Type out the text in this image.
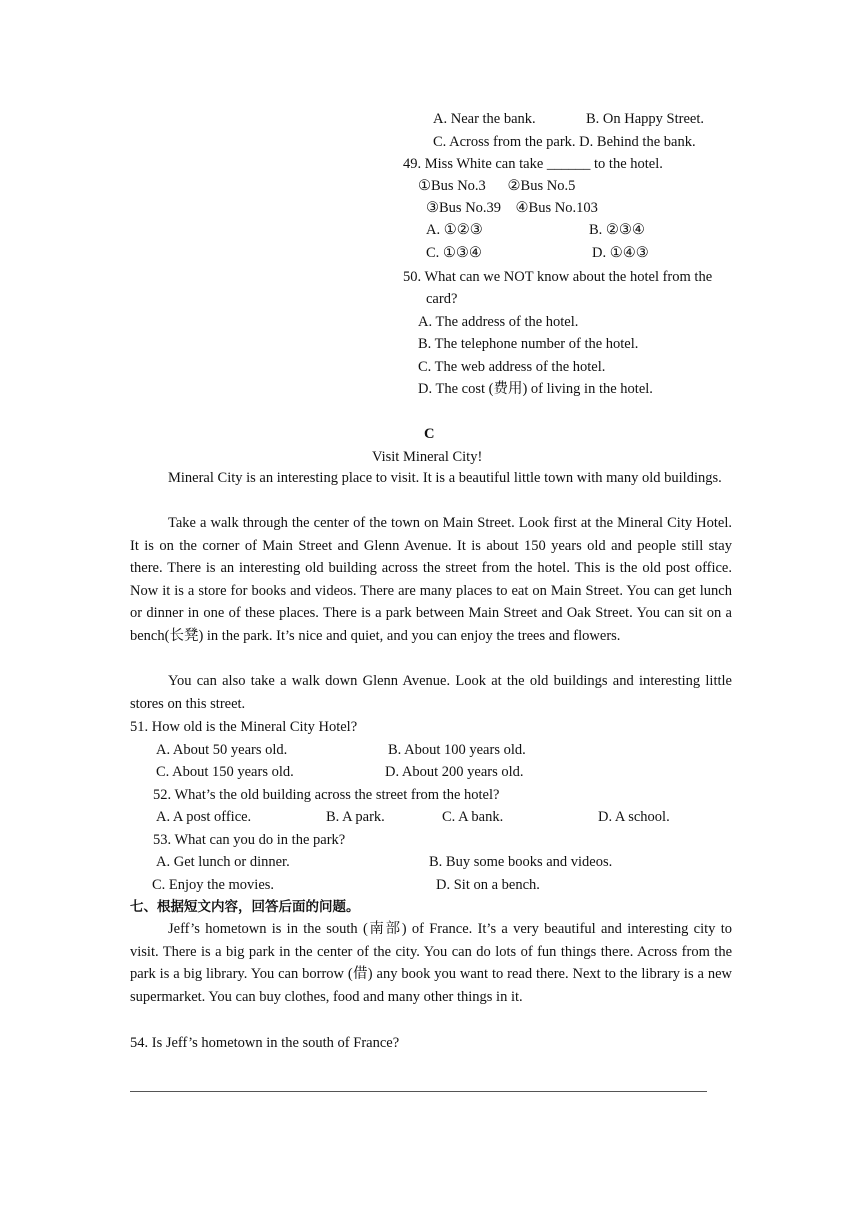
A. Near the bank.	B. On Happy Street.
C. Across from the park. D. Behind the bank.
49. Miss White can take ______ to the hotel.
①Bus No.3      ②Bus No.5
③Bus No.39    ④Bus No.103
A. ①②③	B. ②③④
C. ①③④	D. ①④③
50. What can we NOT know about the hotel from the
card?
A. The address of the hotel.
B. The telephone number of the hotel.
C. The web address of the hotel.
D. The cost (费用) of living in the hotel.
C
Visit Mineral City!
Mineral City is an interesting place to visit. It is a beautiful little town with many old buildings.
Take a walk through the center of the town on Main Street. Look first at the Mineral City Hotel. It is on the corner of Main Street and Glenn Avenue. It is about 150 years old and people still stay there. There is an interesting old building across the street from the hotel. This is the old post office. Now it is a store for books and videos. There are many places to eat on Main Street. You can get lunch or dinner in one of these places. There is a park between Main Street and Oak Street. You can sit on a bench(长凳) in the park. It’s nice and quiet, and you can enjoy the trees and flowers.
You can also take a walk down Glenn Avenue. Look at the old buildings and interesting little stores on this street.
51. How old is the Mineral City Hotel?
A. About 50 years old.	B. About 100 years old.
C. About 150 years old.	D. About 200 years old.
52. What’s the old building across the street from the hotel?
A. A post office.	B. A park.	C. A bank.	D. A school.
53. What can you do in the park?
A. Get lunch or dinner.	B. Buy some books and videos.
C. Enjoy the movies.	D. Sit on a bench.
七、根据短文内容，回答后面的问题。
Jeff’s hometown is in the south (南部) of France. It’s a very beautiful and interesting city to visit. There is a big park in the center of the city. You can do lots of fun things there. Across from the park is a big library. You can borrow (借) any book you want to read there. Next to the library is a new supermarket. You can buy clothes, food and many other things in it.
54. Is Jeff’s hometown in the south of France?
